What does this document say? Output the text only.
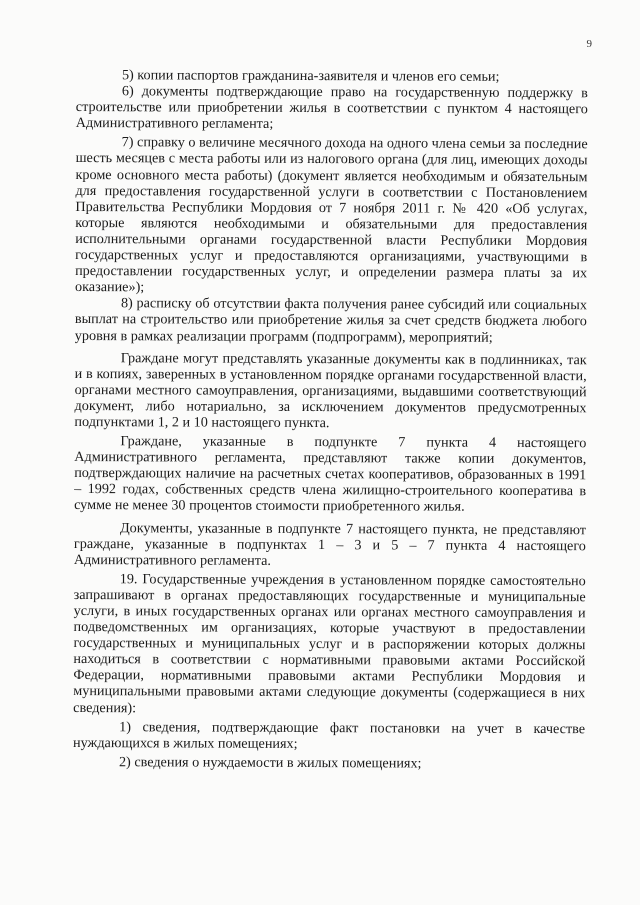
9

5) копии паспортов гражданина-заявителя и членов его семьи;

6) документы подтверждающие право на государственную поддержку в строительстве или приобретении жилья в соответствии с пунктом 4 настоящего Административного регламента;

7) справку о величине месячного дохода на одного члена семьи за последние шесть месяцев с места работы или из налогового органа (для лиц, имеющих доходы кроме основного места работы) (документ является необходимым и обязательным для предоставления государственной услуги в соответствии с Постановлением Правительства Республики Мордовия от 7 ноября 2011 г. № 420 «Об услугах, которые являются необходимыми и обязательными для предоставления исполнительными органами государственной власти Республики Мордовия государственных услуг и предоставляются организациями, участвующими в предоставлении государственных услуг, и определении размера платы за их оказание»);

8) расписку об отсутствии факта получения ранее субсидий или социальных выплат на строительство или приобретение жилья за счет средств бюджета любого уровня в рамках реализации программ (подпрограмм), мероприятий;

Граждане могут представлять указанные документы как в подлинниках, так и в копиях, заверенных в установленном порядке органами государственной власти, органами местного самоуправления, организациями, выдавшими соответствующий документ, либо нотариально, за исключением документов предусмотренных подпунктами 1, 2 и 10 настоящего пункта.

Граждане, указанные в подпункте 7 пункта 4 настоящего Административного регламента, представляют также копии документов, подтверждающих наличие на расчетных счетах кооперативов, образованных в 1991 – 1992 годах, собственных средств члена жилищно-строительного кооператива в сумме не менее 30 процентов стоимости приобретенного жилья.

Документы, указанные в подпункте 7 настоящего пункта, не представляют граждане, указанные в подпунктах 1 – 3 и 5 – 7 пункта 4 настоящего Административного регламента.

19. Государственные учреждения в установленном порядке самостоятельно запрашивают в органах предоставляющих государственные и муниципальные услуги, в иных государственных органах или органах местного самоуправления и подведомственных им организациях, которые участвуют в предоставлении государственных и муниципальных услуг и в распоряжении которых должны находиться в соответствии с нормативными правовыми актами Российской Федерации, нормативными правовыми актами Республики Мордовия и муниципальными правовыми актами следующие документы (содержащиеся в них сведения):

1) сведения, подтверждающие факт постановки на учет в качестве нуждающихся в жилых помещениях;

2) сведения о нуждаемости в жилых помещениях;
